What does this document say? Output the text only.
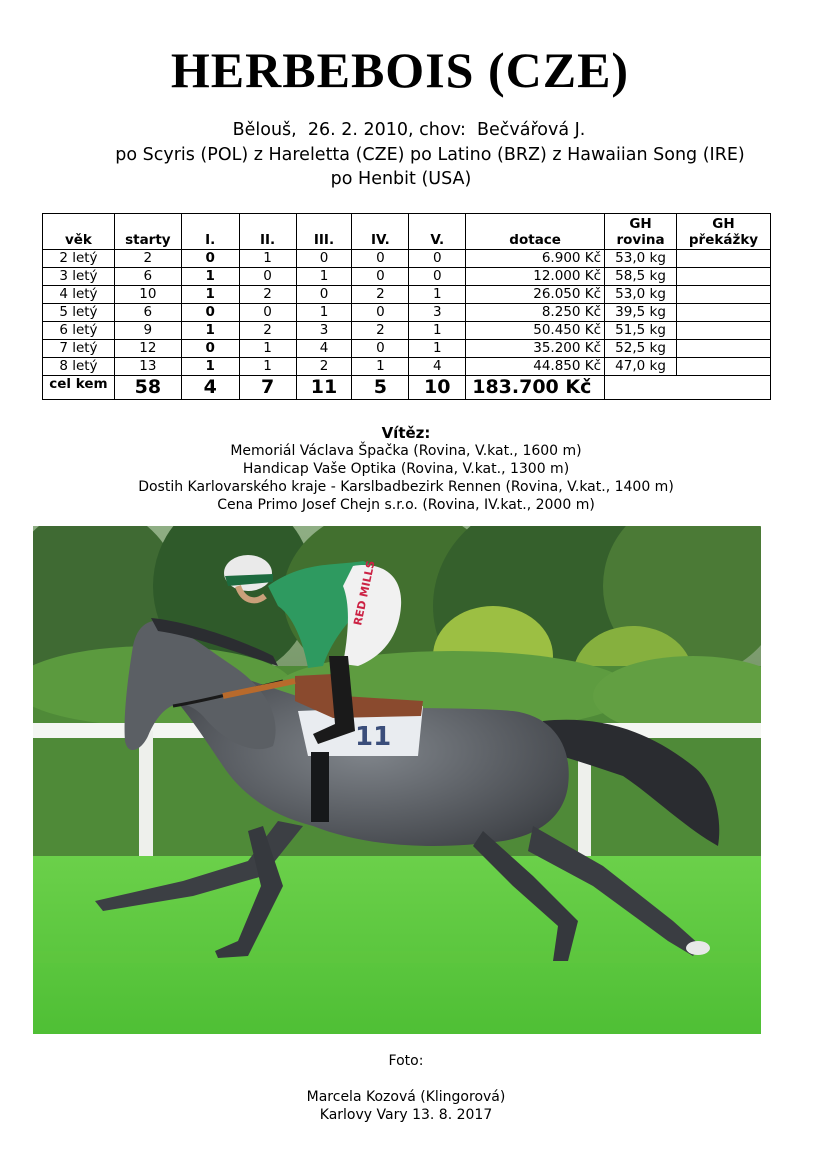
HERBEBOIS (CZE)
Bělouš,  26. 2. 2010, chov:  Bečvářová J.
po Scyris (POL) z Hareletta (CZE) po Latino (BRZ) z Hawaiian Song (IRE)
po Henbit (USA)
věk	starty	I.	II.	III.	IV.	V.	dotace	GH rovina	GH překážky
2 letý	2	0	1	0	0	0	6.900 Kč	53,0 kg	
3 letý	6	1	0	1	0	0	12.000 Kč	58,5 kg	
4 letý	10	1	2	0	2	1	26.050 Kč	53,0 kg	
5 letý	6	0	0	1	0	3	8.250 Kč	39,5 kg	
6 letý	9	1	2	3	2	1	50.450 Kč	51,5 kg	
7 letý	12	0	1	4	0	1	35.200 Kč	52,5 kg	
8 letý	13	1	1	2	1	4	44.850 Kč	47,0 kg	
cel kem	58	4	7	11	5	10	183.700 Kč		
Vítěz:
Memoriál Václava Špačka (Rovina, V.kat., 1600 m)
Handicap Vaše Optika (Rovina, V.kat., 1300 m)
Dostih Karlovarského kraje - Karslbadbezirk Rennen (Rovina, V.kat., 1400 m)
Cena Primo Josef Chejn s.r.o. (Rovina, IV.kat., 2000 m)
11
RED MILLS
Foto:
Marcela Kozová (Klingorová)
Karlovy Vary 13. 8. 2017
